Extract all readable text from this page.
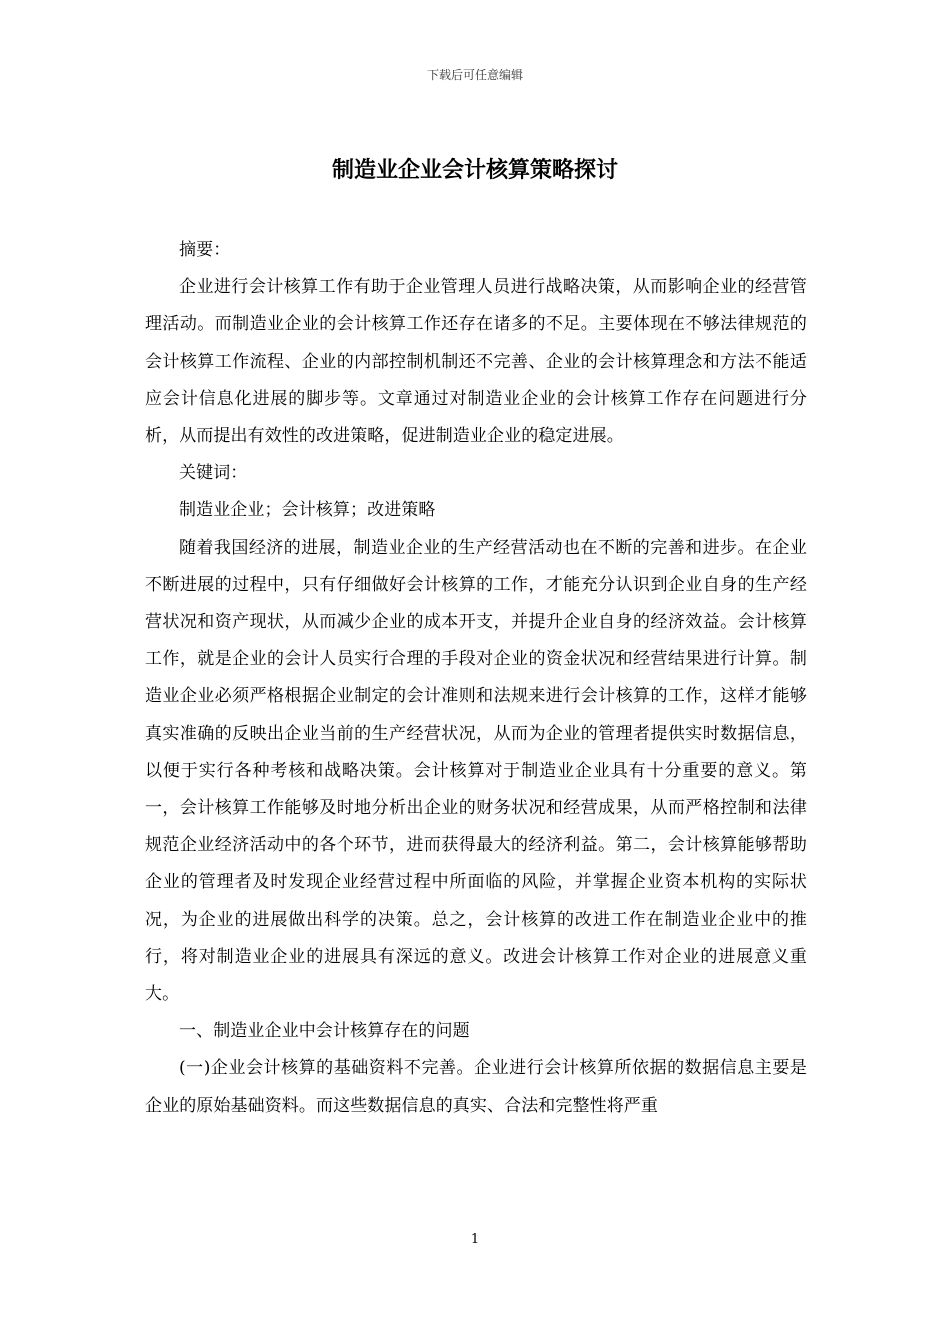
下载后可任意编辑
制造业企业会计核算策略探讨

摘要：

企业进行会计核算工作有助于企业管理人员进行战略决策，从而影响企业的经营管理活动。而制造业企业的会计核算工作还存在诸多的不足。主要体现在不够法律规范的会计核算工作流程、企业的内部控制机制还不完善、企业的会计核算理念和方法不能适应会计信息化进展的脚步等。文章通过对制造业企业的会计核算工作存在问题进行分析，从而提出有效性的改进策略，促进制造业企业的稳定进展。

关键词：

制造业企业；会计核算；改进策略

随着我国经济的进展，制造业企业的生产经营活动也在不断的完善和进步。在企业不断进展的过程中，只有仔细做好会计核算的工作，才能充分认识到企业自身的生产经营状况和资产现状，从而减少企业的成本开支，并提升企业自身的经济效益。会计核算工作，就是企业的会计人员实行合理的手段对企业的资金状况和经营结果进行计算。制造业企业必须严格根据企业制定的会计准则和法规来进行会计核算的工作，这样才能够真实准确的反映出企业当前的生产经营状况，从而为企业的管理者提供实时数据信息，以便于实行各种考核和战略决策。会计核算对于制造业企业具有十分重要的意义。第一，会计核算工作能够及时地分析出企业的财务状况和经营成果，从而严格控制和法律规范企业经济活动中的各个环节，进而获得最大的经济利益。第二，会计核算能够帮助企业的管理者及时发现企业经营过程中所面临的风险，并掌握企业资本机构的实际状况，为企业的进展做出科学的决策。总之，会计核算的改进工作在制造业企业中的推行，将对制造业企业的进展具有深远的意义。改进会计核算工作对企业的进展意义重大。

一、制造业企业中会计核算存在的问题

(一)企业会计核算的基础资料不完善。企业进行会计核算所依据的数据信息主要是企业的原始基础资料。而这些数据信息的真实、合法和完整性将严重

1
